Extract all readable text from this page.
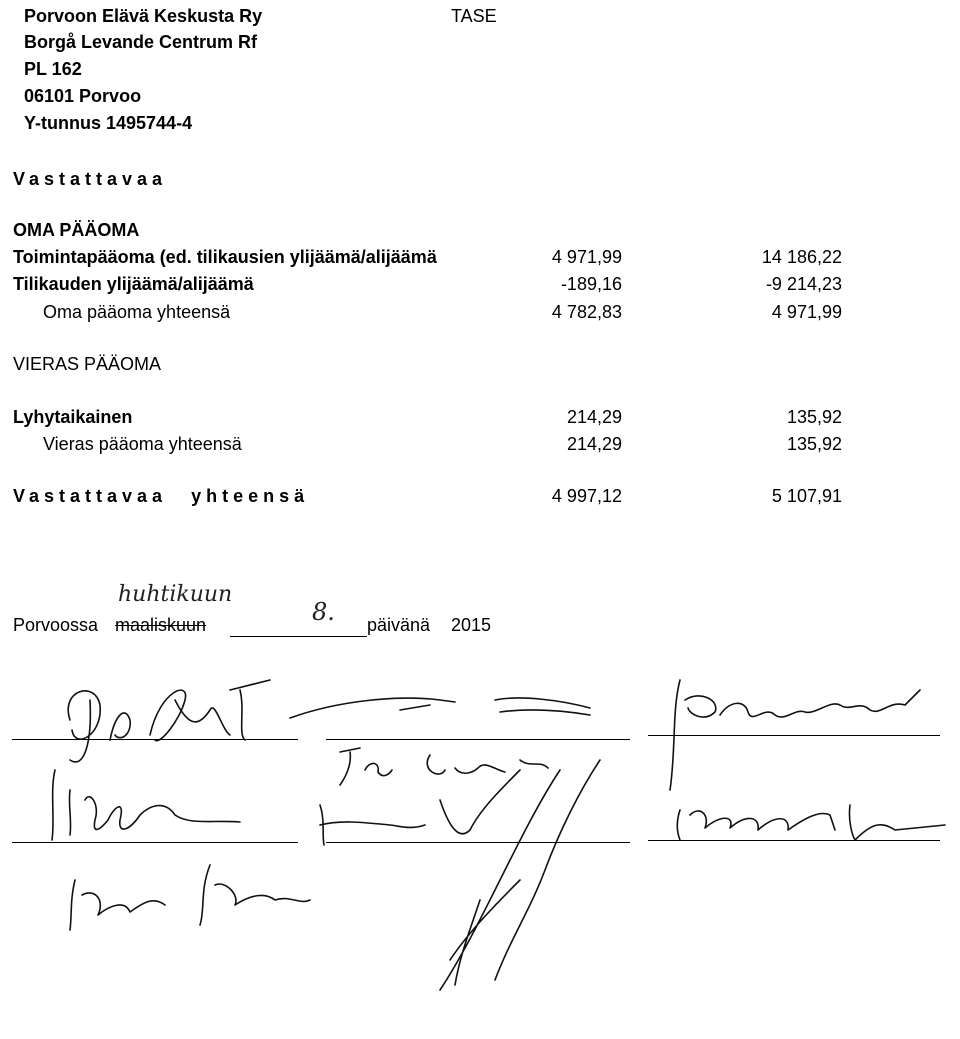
Porvoon Elävä Keskusta Ry
Borgå Levande Centrum Rf
PL 162
06101 Porvoo
Y-tunnus 1495744-4
TASE
Vastattavaa
OMA PÄÄOMA
Toimintapääoma (ed. tilikausien ylijäämä/alijäämä	4 971,99	14 186,22
Tilikauden ylijäämä/alijäämä	-189,16	-9 214,23
Oma pääoma yhteensä	4 782,83	4 971,99
VIERAS PÄÄOMA
Lyhytaikainen	214,29	135,92
Vieras pääoma yhteensä	214,29	135,92
Vastattavaa yhteensä	4 997,12	5 107,91
Porvoossa maaliskuun	päivänä 2015
huhtikuun
8.
